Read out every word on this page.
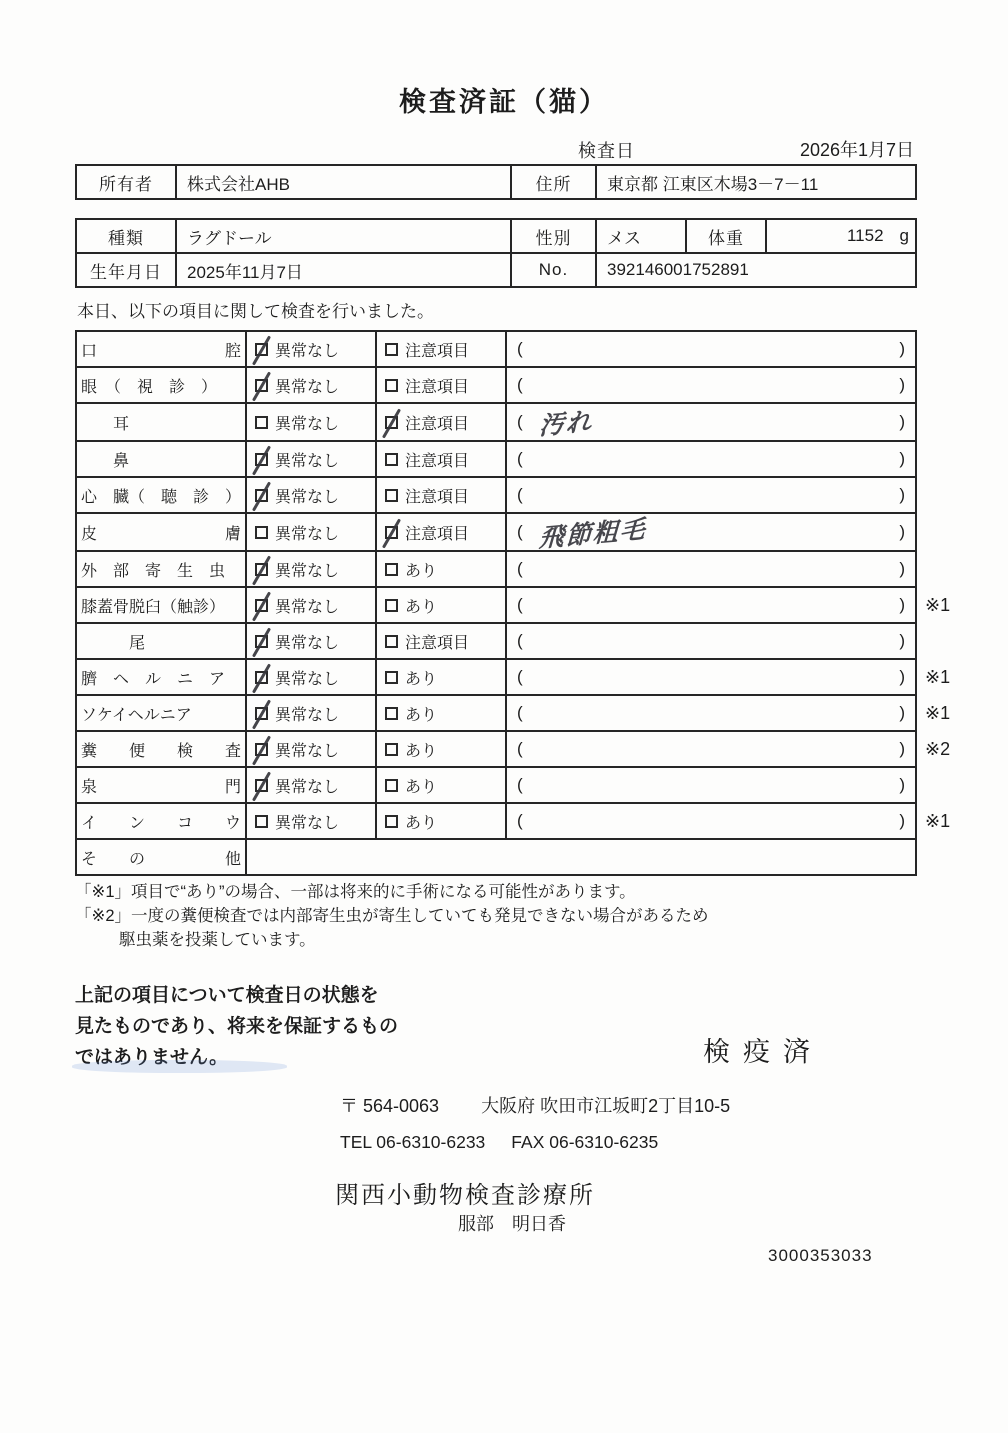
検査済証（猫）
検査日	2026年1月7日
所有者	株式会社АHB	住所	東京都 江東区木場3－7－11
種類	ラグドール	性別	メス	体重	1152 g

生年月日	2025年11月7日	No.	392146001752891		
本日、以下の項目に関して検査を行いました。
口　　　　　　　　腔	異常なし	注意項目	( )	

眼　（　視　診　）	異常なし	注意項目	( )	

　　耳	異常なし	注意項目	( 汚れ )	

　　鼻	異常なし	注意項目	( )	

心　臓（　聴　診　）	異常なし	注意項目	( )	

皮　　　　　　　　膚	異常なし	注意項目	( 飛節粗毛 )	

外　部　寄　生　虫	異常なし	あり	( )	

膝蓋骨脱臼（触診）	異常なし	あり	( )	※1
　　　尾	異常なし	注意項目	( )	

臍　ヘ　ル　ニ　ア	異常なし	あり	( )	※1
ソケイヘルニア	異常なし	あり	( )	※1
糞　　便　　検　　査	異常なし	あり	( )	※2
泉　　　　　　　　門	異常なし	あり	( )	

イ　　ン　　コ　　ウ	異常なし	あり	( )	※1
そ　　の　　　　　他				
「※1」項目で“あり”の場合、一部は将来的に手術になる可能性があります。
「※2」一度の糞便検査では内部寄生虫が寄生していても発見できない場合があるため
駆虫薬を投薬しています。
上記の項目について検査日の状態を
見たものであり、将来を保証するもの
ではありません。	検疫済
〒 564-0063 大阪府 吹田市江坂町2丁目10-5
TEL 06-6310-6233 FAX 06-6310-6235
関西小動物検査診療所
服部　明日香
3000353033
